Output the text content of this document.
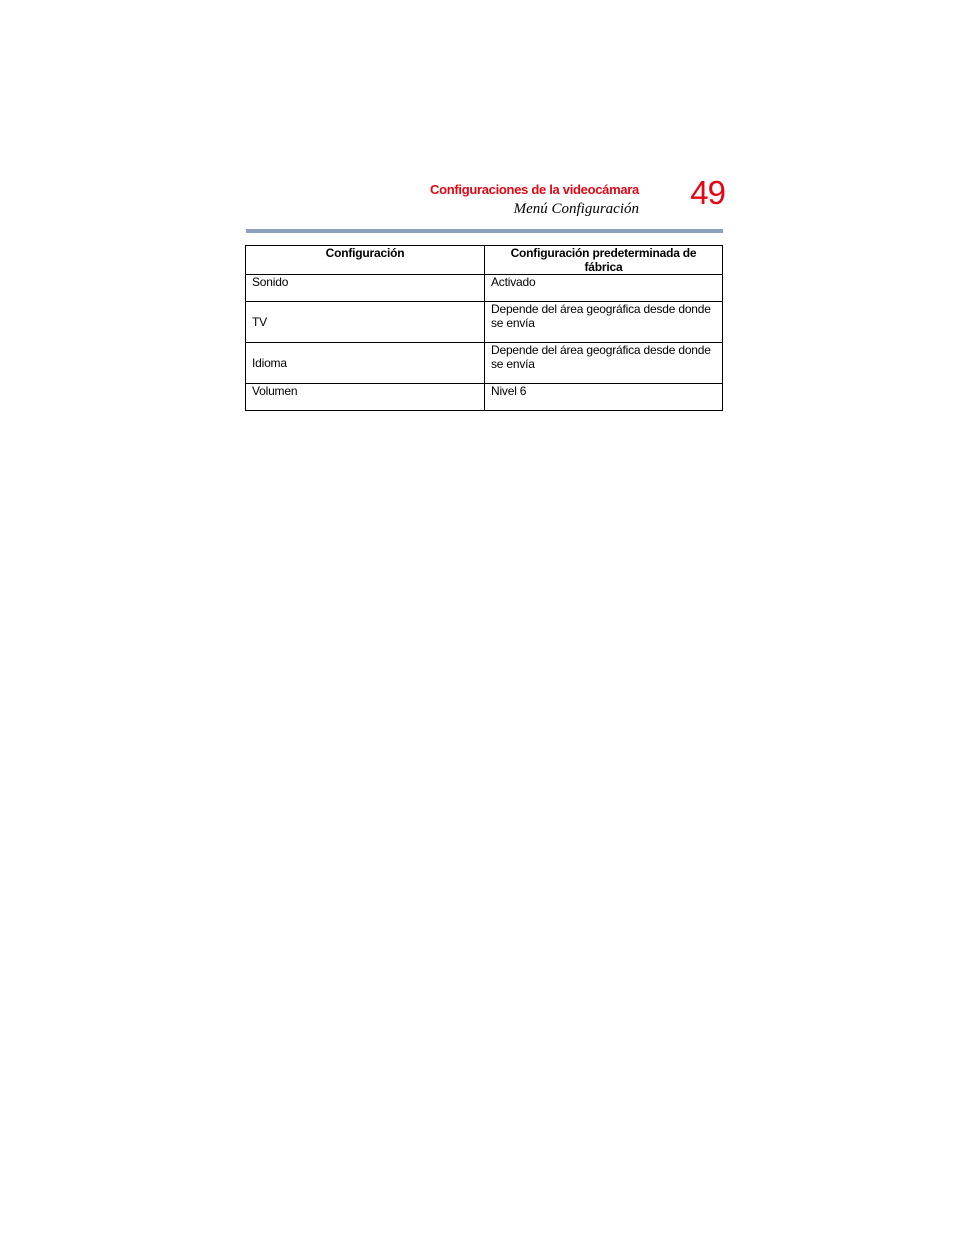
Configuraciones de la videocámara
Menú Configuración 49
Configuración	Configuración predeterminada de fábrica
Sonido	Activado
TV	Depende del área geográfica desde donde se envía
Idioma	Depende del área geográfica desde donde se envía
Volumen	Nivel 6
